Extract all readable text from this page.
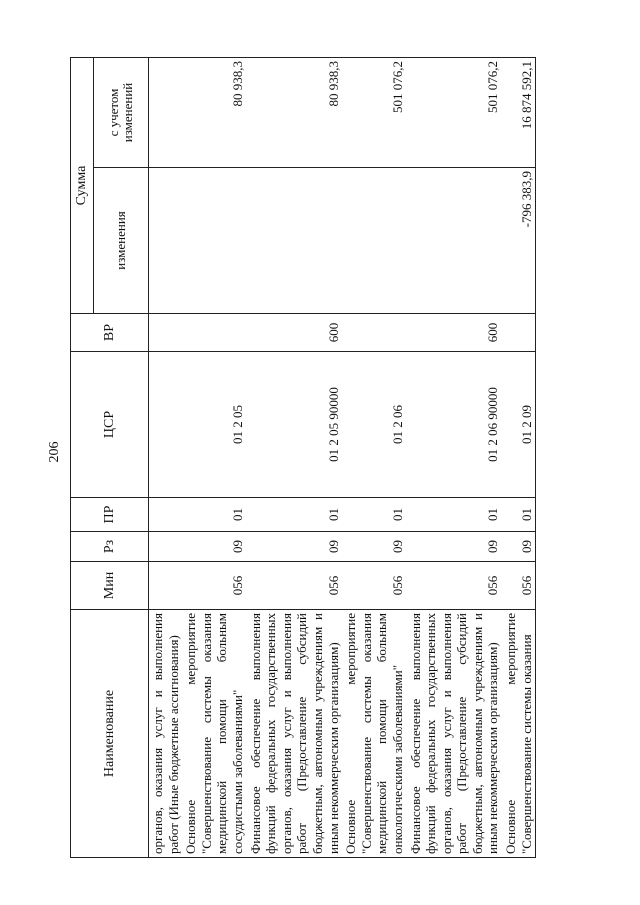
206
Наименование	Мин	Рз	ПР	ЦСР	ВР	Сумма	
						изменения	с учетом изменений
органов, оказания услуг и выполнения работ (Иные бюджетные ассигнования)							
Основное мероприятие "Совершенствование системы оказания медицинской помощи больным сосудистыми заболеваниями"	056	09	01	01 2 05			80 938,3
Финансовое обеспечение выполнения функций федеральных государственных органов, оказания услуг и выполнения работ (Предоставление субсидий бюджетным, автономным учреждениям и иным некоммерческим организациям)	056	09	01	01 2 05 90000	600		80 938,3
Основное мероприятие "Совершенствование системы оказания медицинской помощи больным онкологическими заболеваниями"	056	09	01	01 2 06			501 076,2
Финансовое обеспечение выполнения функций федеральных государственных органов, оказания услуг и выполнения работ (Предоставление субсидий бюджетным, автономным учреждениям и иным некоммерческим организациям)	056	09	01	01 2 06 90000	600		501 076,2
Основное мероприятие "Совершенствование системы оказания	056	09	01	01 2 09		-796 383,9	16 874 592,1
